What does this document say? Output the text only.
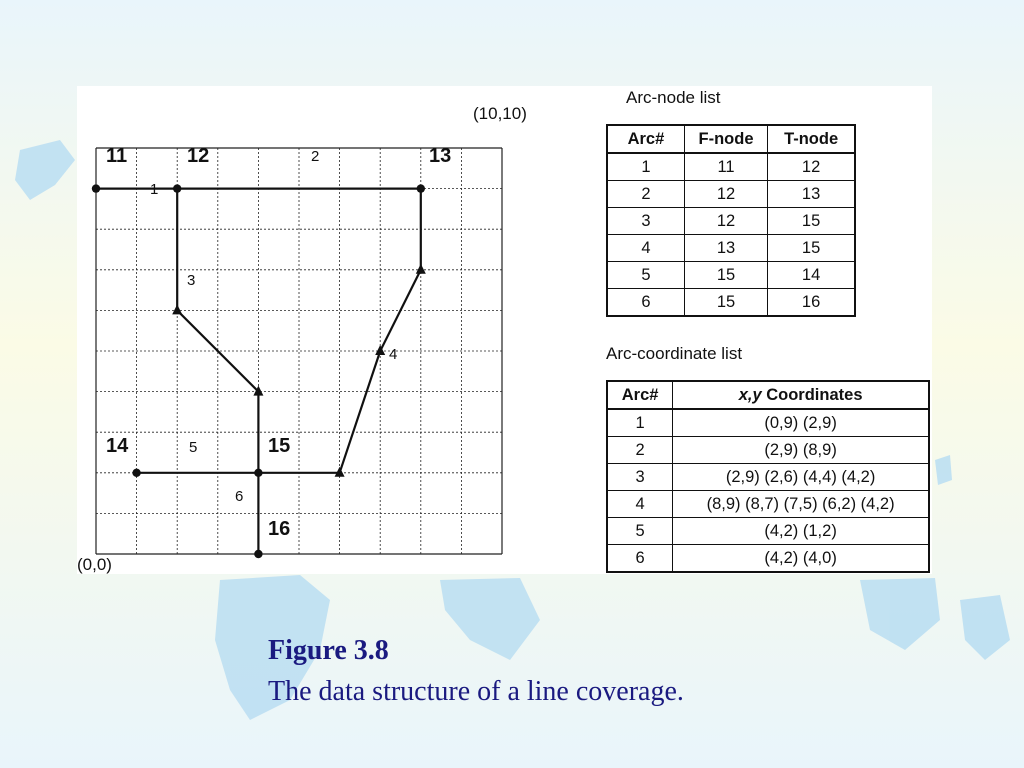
(10,10)
(0,0)
11	12	13
14	15
16
1
2
3
4
5
6
Arc-node list
Arc#	F-node	T-node
1	11	12
2	12	13
3	12	15
4	13	15
5	15	14
6	15	16
Arc-coordinate list
Arc#	x,y Coordinates
1	(0,9) (2,9)
2	(2,9) (8,9)
3	(2,9) (2,6) (4,4) (4,2)
4	(8,9) (8,7) (7,5) (6,2) (4,2)
5	(4,2) (1,2)
6	(4,2) (4,0)
Figure 3.8
The data structure of a line coverage.
